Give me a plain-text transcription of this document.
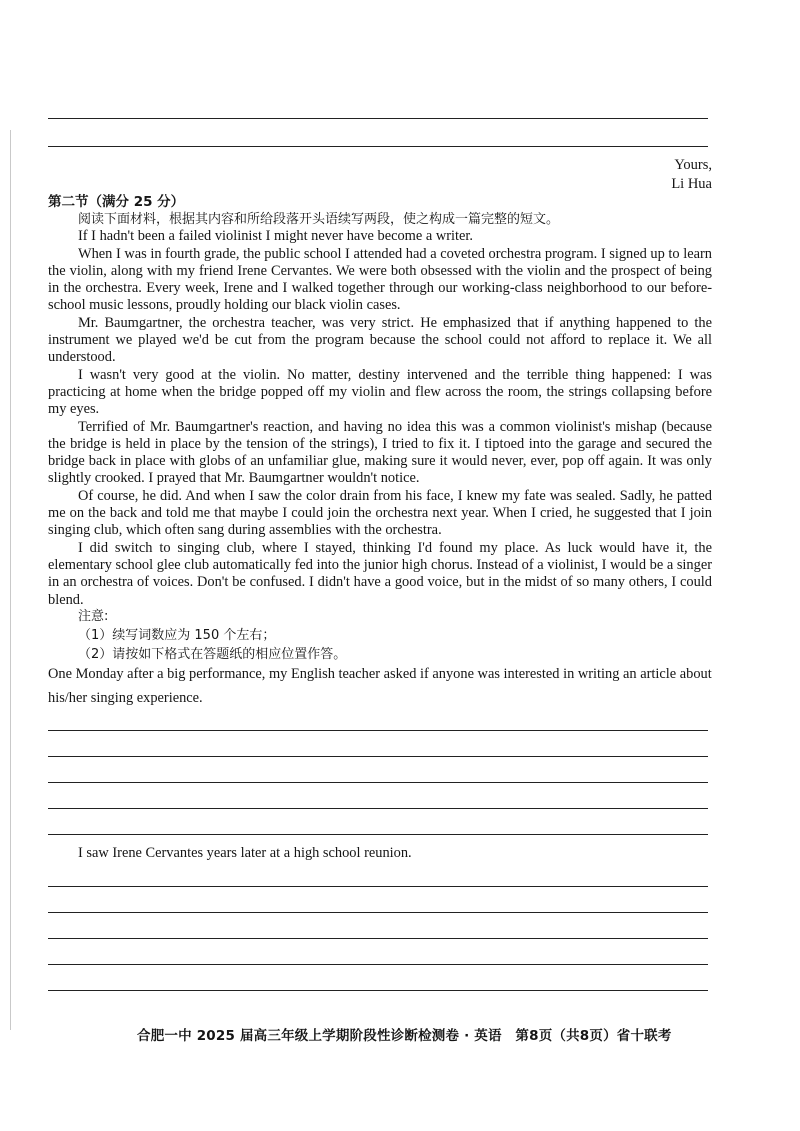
Yours,
Li Hua
第二节（满分 25 分）

阅读下面材料，根据其内容和所给段落开头语续写两段，使之构成一篇完整的短文。

If I hadn't been a failed violinist I might never have become a writer.

When I was in fourth grade, the public school I attended had a coveted orchestra program. I signed up to learn the violin, along with my friend Irene Cervantes. We were both obsessed with the violin and the prospect of being in the orchestra. Every week, Irene and I walked together through our working-class neighborhood to our before-school music lessons, proudly holding our black violin cases.

Mr. Baumgartner, the orchestra teacher, was very strict. He emphasized that if anything happened to the instrument we played we'd be cut from the program because the school could not afford to replace it. We all understood.

I wasn't very good at the violin. No matter, destiny intervened and the terrible thing happened: I was practicing at home when the bridge popped off my violin and flew across the room, the strings collapsing before my eyes.

Terrified of Mr. Baumgartner's reaction, and having no idea this was a common violinist's mishap (because the bridge is held in place by the tension of the strings), I tried to fix it. I tiptoed into the garage and secured the bridge back in place with globs of an unfamiliar glue, making sure it would never, ever, pop off again. It was only slightly crooked. I prayed that Mr. Baumgartner wouldn't notice.

Of course, he did. And when I saw the color drain from his face, I knew my fate was sealed. Sadly, he patted me on the back and told me that maybe I could join the orchestra next year. When I cried, he suggested that I join singing club, which often sang during assemblies with the orchestra.

I did switch to singing club, where I stayed, thinking I'd found my place. As luck would have it, the elementary school glee club automatically fed into the junior high chorus. Instead of a violinist, I would be a singer in an orchestra of voices. Don't be confused. I didn't have a good voice, but in the midst of so many others, I could blend.

注意:
（1）续写词数应为 150 个左右；
（2）请按如下格式在答题纸的相应位置作答。
One Monday after a big performance, my English teacher asked if anyone was interested in writing an article about his/her singing experience.
I saw Irene Cervantes years later at a high school reunion.
合肥一中 2025 届高三年级上学期阶段性诊断检测卷 · 英语　第8页（共8页）省十联考
